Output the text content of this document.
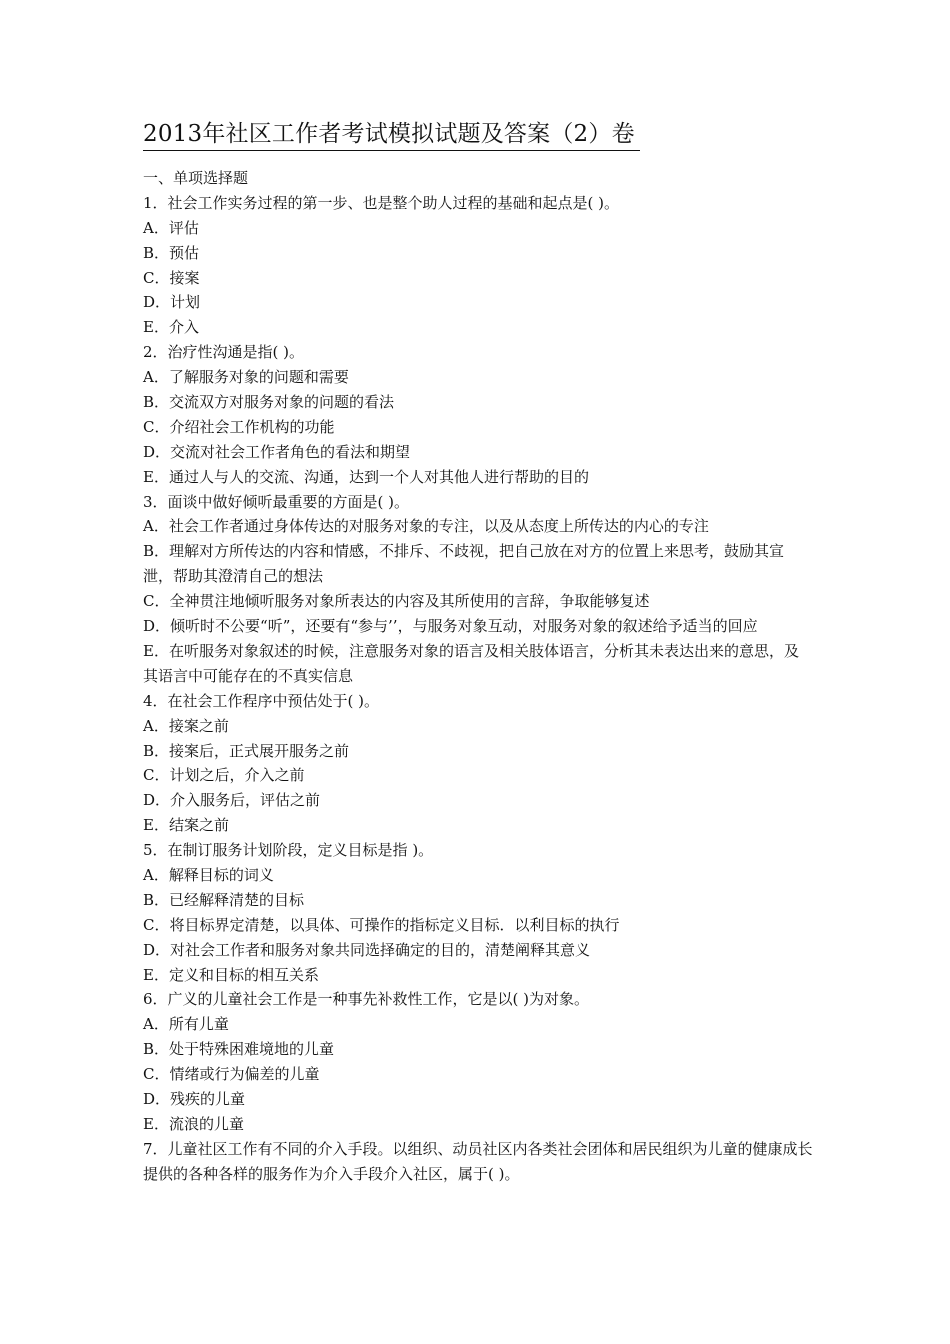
2013年社区工作者考试模拟试题及答案（2）卷
一、单项选择题
1．社会工作实务过程的第一步、也是整个助人过程的基础和起点是( )。
A．评估
B．预估
C．接案
D．计划
E．介入
2．治疗性沟通是指( )。
A．了解服务对象的问题和需要
B．交流双方对服务对象的问题的看法
C．介绍社会工作机构的功能
D．交流对社会工作者角色的看法和期望
E．通过人与人的交流、沟通，达到一个人对其他人进行帮助的目的
3．面谈中做好倾听最重要的方面是( )。
A．社会工作者通过身体传达的对服务对象的专注，以及从态度上所传达的内心的专注
B．理解对方所传达的内容和情感，不排斥、不歧视，把自己放在对方的位置上来思考，鼓励其宣泄，帮助其澄清自己的想法
C．全神贯注地倾听服务对象所表达的内容及其所使用的言辞，争取能够复述
D．倾听时不公要“听”，还要有“参与’’，与服务对象互动，对服务对象的叙述给予适当的回应
E．在听服务对象叙述的时候，注意服务对象的语言及相关肢体语言，分析其未表达出来的意思，及其语言中可能存在的不真实信息
4．在社会工作程序中预估处于( )。
A．接案之前
B．接案后，正式展开服务之前
C．计划之后，介入之前
D．介入服务后，评估之前
E．结案之前
5．在制订服务计划阶段，定义目标是指 )。
A．解释目标的词义
B．已经解释清楚的目标
C．将目标界定清楚，以具体、可操作的指标定义目标．以利目标的执行
D．对社会工作者和服务对象共同选择确定的目的，清楚阐释其意义
E．定义和目标的相互关系
6．广义的儿童社会工作是一种事先补救性工作，它是以( )为对象。
A．所有儿童
B．处于特殊困难境地的儿童
C．情绪或行为偏差的儿童
D．残疾的儿童
E．流浪的儿童
7．儿童社区工作有不同的介入手段。以组织、动员社区内各类社会团体和居民组织为儿童的健康成长提供的各种各样的服务作为介入手段介入社区，属于( )。
